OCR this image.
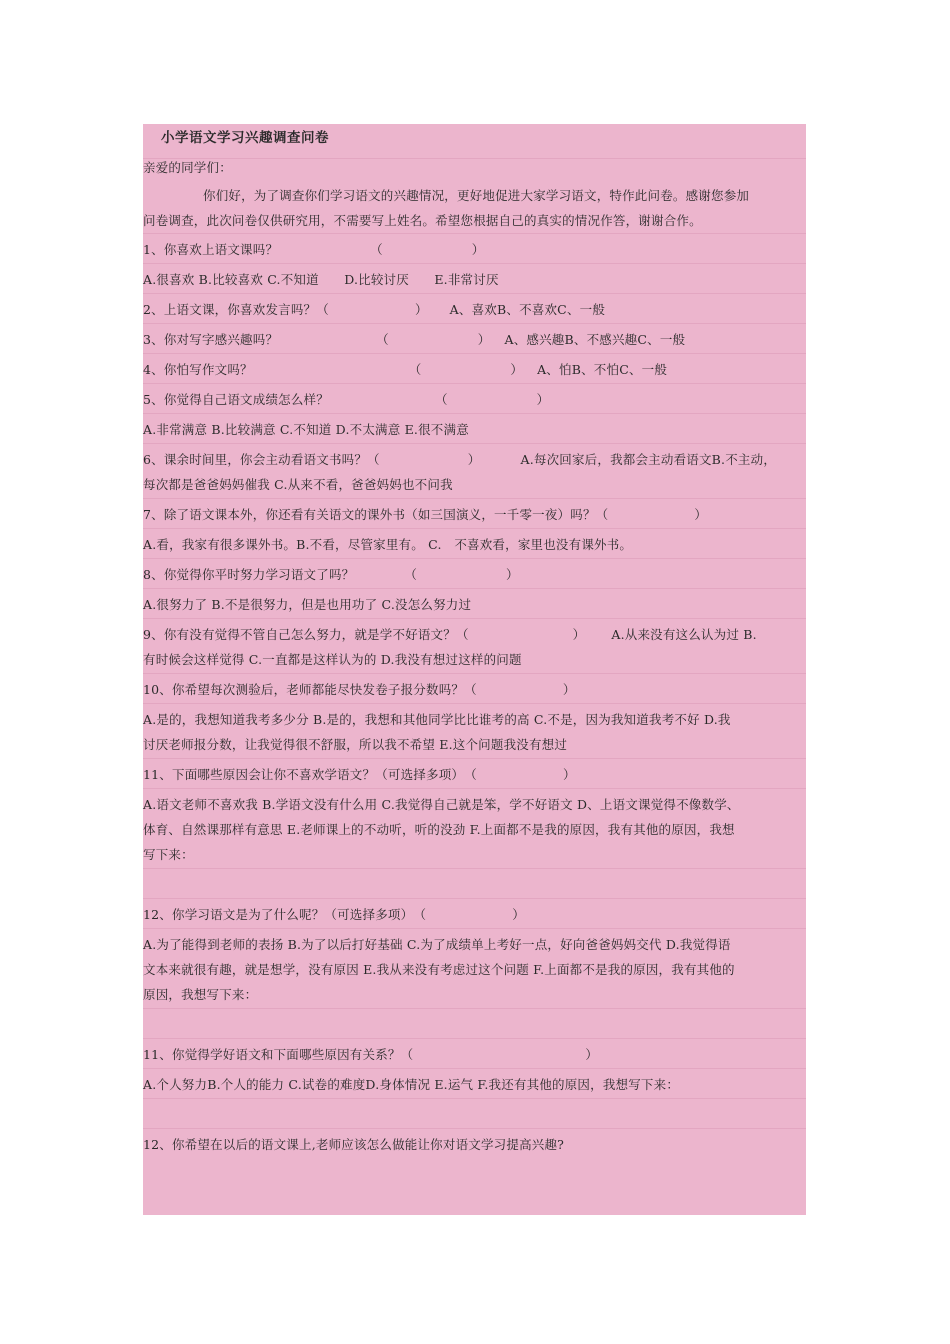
小学语文学习兴趣调查问卷
亲爱的同学们：
你们好，为了调查你们学习语文的兴趣情况，更好地促进大家学习语文，特作此问卷。感谢您参加
问卷调查，此次问卷仅供研究用，不需要写上姓名。希望您根据自己的真实的情况作答，谢谢合作。
1、你喜欢上语文课吗？	（　　　　　　　）
A.很喜欢 B.比较喜欢 C.不知道　　D.比较讨厌　　E.非常讨厌
2、上语文课，你喜欢发言吗？（	） A、喜欢B、不喜欢C、一般
3、你对写字感兴趣吗？	（　　　　　　　） A、感兴趣B、不感兴趣C、一般
4、你怕写作文吗？	（　　　　　　　） A、怕B、不怕C、一般
5、你觉得自己语文成绩怎么样？	（　　　　　　　）
A.非常满意 B.比较满意 C.不知道 D.不太满意 E.很不满意
6、课余时间里，你会主动看语文书吗？（	）	A.每次回家后，我都会主动看语文B.不主动，
每次都是爸爸妈妈催我 C.从来不看，爸爸妈妈也不问我
7、除了语文课本外，你还看有关语文的课外书（如三国演义，一千零一夜）吗？（	）
A.看，我家有很多课外书。B.不看，尽管家里有。 C.　不喜欢看，家里也没有课外书。
8、你觉得你平时努力学习语文了吗？	（　　　　　　　）
A.很努力了 B.不是很努力，但是也用功了 C.没怎么努力过
9、你有没有觉得不管自己怎么努力，就是学不好语文？（	） A.从来没有这么认为过 B.
有时候会这样觉得 C.一直都是这样认为的 D.我没有想过这样的问题
10、你希望每次测验后，老师都能尽快发卷子报分数吗？（	）
A.是的，我想知道我考多少分 B.是的，我想和其他同学比比谁考的高 C.不是，因为我知道我考不好 D.我
讨厌老师报分数，让我觉得很不舒服，所以我不希望 E.这个问题我没有想过
11、下面哪些原因会让你不喜欢学语文？（可选择多项）　（	）
A.语文老师不喜欢我 B.学语文没有什么用 C.我觉得自己就是笨，学不好语文 D、上语文课觉得不像数学、
体育、自然课那样有意思 E.老师课上的不动听，听的没劲 F.上面都不是我的原因，我有其他的原因，我想
写下来：
12、你学习语文是为了什么呢？（可选择多项）　（	）
A.为了能得到老师的表扬 B.为了以后打好基础 C.为了成绩单上考好一点，好向爸爸妈妈交代 D.我觉得语
文本来就很有趣，就是想学，没有原因 E.我从来没有考虑过这个问题 F.上面都不是我的原因，我有其他的
原因，我想写下来：
11、你觉得学好语文和下面哪些原因有关系？（	）
A.个人努力B.个人的能力 C.试卷的难度D.身体情况 E.运气 F.我还有其他的原因，我想写下来：
12、你希望在以后的语文课上,老师应该怎么做能让你对语文学习提高兴趣?
